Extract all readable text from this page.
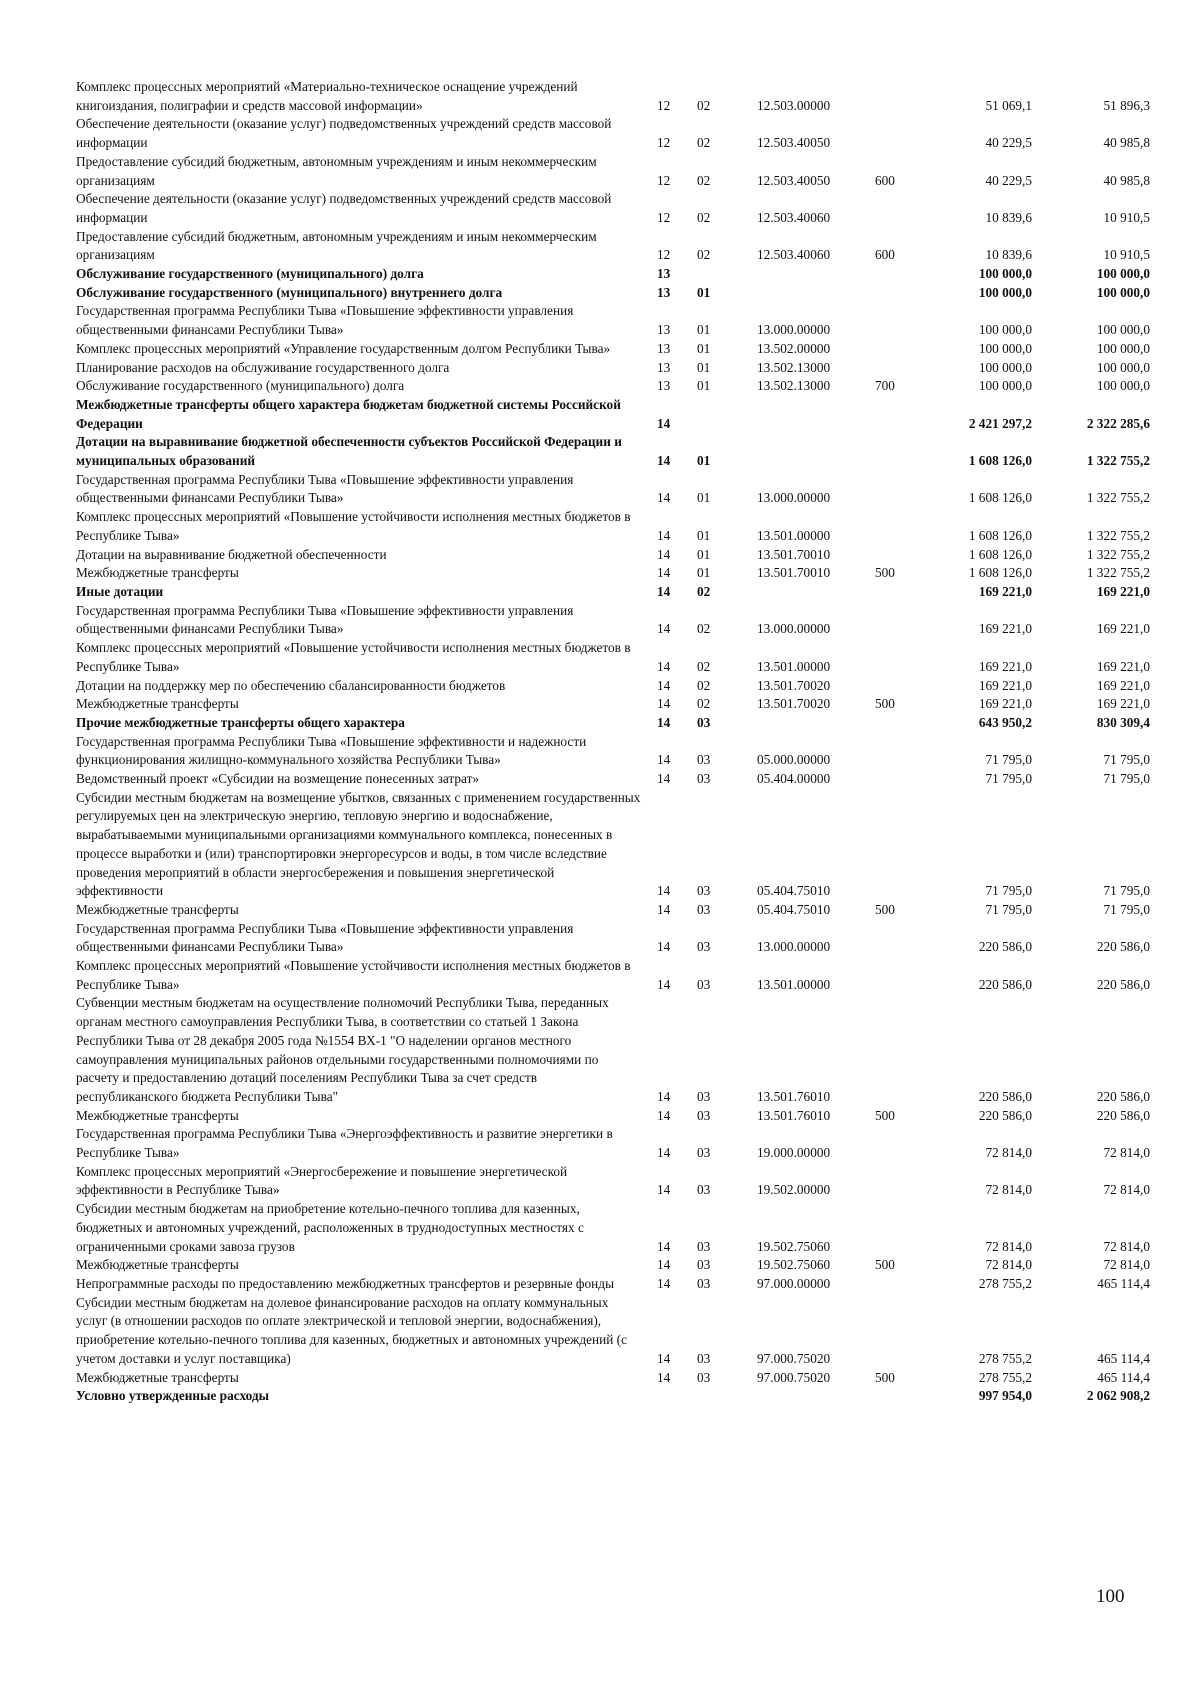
Комплекс процессных мероприятий «Материально-техническое оснащение учреждений книгоиздания, полиграфии и средств массовой информации»	12	02	12.503.00000		51 069,1	51 896,3
Обеспечение деятельности (оказание услуг) подведомственных учреждений средств массовой информации	12	02	12.503.40050		40 229,5	40 985,8
Предоставление субсидий бюджетным, автономным учреждениям и иным некоммерческим организациям	12	02	12.503.40050	600	40 229,5	40 985,8
Обеспечение деятельности (оказание услуг) подведомственных учреждений средств массовой информации	12	02	12.503.40060		10 839,6	10 910,5
Предоставление субсидий бюджетным, автономным учреждениям и иным некоммерческим организациям	12	02	12.503.40060	600	10 839,6	10 910,5
Обслуживание государственного (муниципального) долга	13				100 000,0	100 000,0
Обслуживание государственного (муниципального) внутреннего долга	13	01			100 000,0	100 000,0
Государственная программа Республики Тыва «Повышение эффективности управления общественными финансами Республики Тыва»	13	01	13.000.00000		100 000,0	100 000,0
Комплекс процессных мероприятий «Управление государственным долгом Республики Тыва»	13	01	13.502.00000		100 000,0	100 000,0
Планирование расходов на обслуживание государственного долга	13	01	13.502.13000		100 000,0	100 000,0
Обслуживание государственного (муниципального) долга	13	01	13.502.13000	700	100 000,0	100 000,0
Межбюджетные трансферты общего характера бюджетам бюджетной системы Российской Федерации	14				2 421 297,2	2 322 285,6
Дотации на выравнивание бюджетной обеспеченности субъектов Российской Федерации и муниципальных образований	14	01			1 608 126,0	1 322 755,2
Государственная программа Республики Тыва «Повышение эффективности управления общественными финансами Республики Тыва»	14	01	13.000.00000		1 608 126,0	1 322 755,2
Комплекс процессных мероприятий «Повышение устойчивости исполнения местных бюджетов в Республике Тыва»	14	01	13.501.00000		1 608 126,0	1 322 755,2
Дотации на выравнивание бюджетной обеспеченности	14	01	13.501.70010		1 608 126,0	1 322 755,2
Межбюджетные трансферты	14	01	13.501.70010	500	1 608 126,0	1 322 755,2
Иные дотации	14	02			169 221,0	169 221,0
Государственная программа Республики Тыва «Повышение эффективности управления общественными финансами Республики Тыва»	14	02	13.000.00000		169 221,0	169 221,0
Комплекс процессных мероприятий «Повышение устойчивости исполнения местных бюджетов в Республике Тыва»	14	02	13.501.00000		169 221,0	169 221,0
Дотации на поддержку мер по обеспечению сбалансированности бюджетов	14	02	13.501.70020		169 221,0	169 221,0
Межбюджетные трансферты	14	02	13.501.70020	500	169 221,0	169 221,0
Прочие межбюджетные трансферты общего характера	14	03			643 950,2	830 309,4
Государственная программа Республики Тыва «Повышение эффективности и надежности функционирования жилищно-коммунального хозяйства Республики Тыва»	14	03	05.000.00000		71 795,0	71 795,0
Ведомственный проект «Субсидии на возмещение понесенных затрат»	14	03	05.404.00000		71 795,0	71 795,0
Субсидии местным бюджетам на возмещение убытков, связанных с применением государственных регулируемых цен на электрическую энергию, тепловую энергию и водоснабжение, вырабатываемыми муниципальными организациями коммунального комплекса, понесенных в процессе выработки и (или) транспортировки энергоресурсов и воды, в том числе вследствие проведения мероприятий в области энергосбережения и повышения энергетической эффективности	14	03	05.404.75010		71 795,0	71 795,0
Межбюджетные трансферты	14	03	05.404.75010	500	71 795,0	71 795,0
Государственная программа Республики Тыва «Повышение эффективности управления общественными финансами Республики Тыва»	14	03	13.000.00000		220 586,0	220 586,0
Комплекс процессных мероприятий «Повышение устойчивости исполнения местных бюджетов в Республике Тыва»	14	03	13.501.00000		220 586,0	220 586,0
Субвенции местным бюджетам на осуществление полномочий Республики Тыва, переданных органам местного самоуправления Республики Тыва, в соответствии со статьей 1 Закона Республики Тыва от 28 декабря 2005 года №1554 ВХ-1 "О наделении органов местного самоуправления муниципальных районов отдельными государственными полномочиями по расчету и предоставлению дотаций поселениям Республики Тыва за счет средств республиканского бюджета Республики Тыва"	14	03	13.501.76010		220 586,0	220 586,0
Межбюджетные трансферты	14	03	13.501.76010	500	220 586,0	220 586,0
Государственная программа Республики Тыва «Энергоэффективность и развитие энергетики в Республике Тыва»	14	03	19.000.00000		72 814,0	72 814,0
Комплекс процессных мероприятий «Энергосбережение и повышение энергетической эффективности в Республике Тыва»	14	03	19.502.00000		72 814,0	72 814,0
Субсидии местным бюджетам на приобретение котельно-печного топлива для казенных, бюджетных и автономных учреждений, расположенных в труднодоступных местностях с ограниченными сроками завоза грузов	14	03	19.502.75060		72 814,0	72 814,0
Межбюджетные трансферты	14	03	19.502.75060	500	72 814,0	72 814,0
Непрограммные расходы по предоставлению межбюджетных трансфертов и резервные фонды	14	03	97.000.00000		278 755,2	465 114,4
Субсидии местным бюджетам на долевое финансирование расходов на оплату коммунальных услуг (в отношении расходов по оплате электрической и тепловой энергии, водоснабжения), приобретение котельно-печного топлива для казенных, бюджетных и автономных учреждений (с учетом доставки и услуг поставщика)	14	03	97.000.75020		278 755,2	465 114,4
Межбюджетные трансферты	14	03	97.000.75020	500	278 755,2	465 114,4
Условно утвержденные расходы					997 954,0	2 062 908,2
100
